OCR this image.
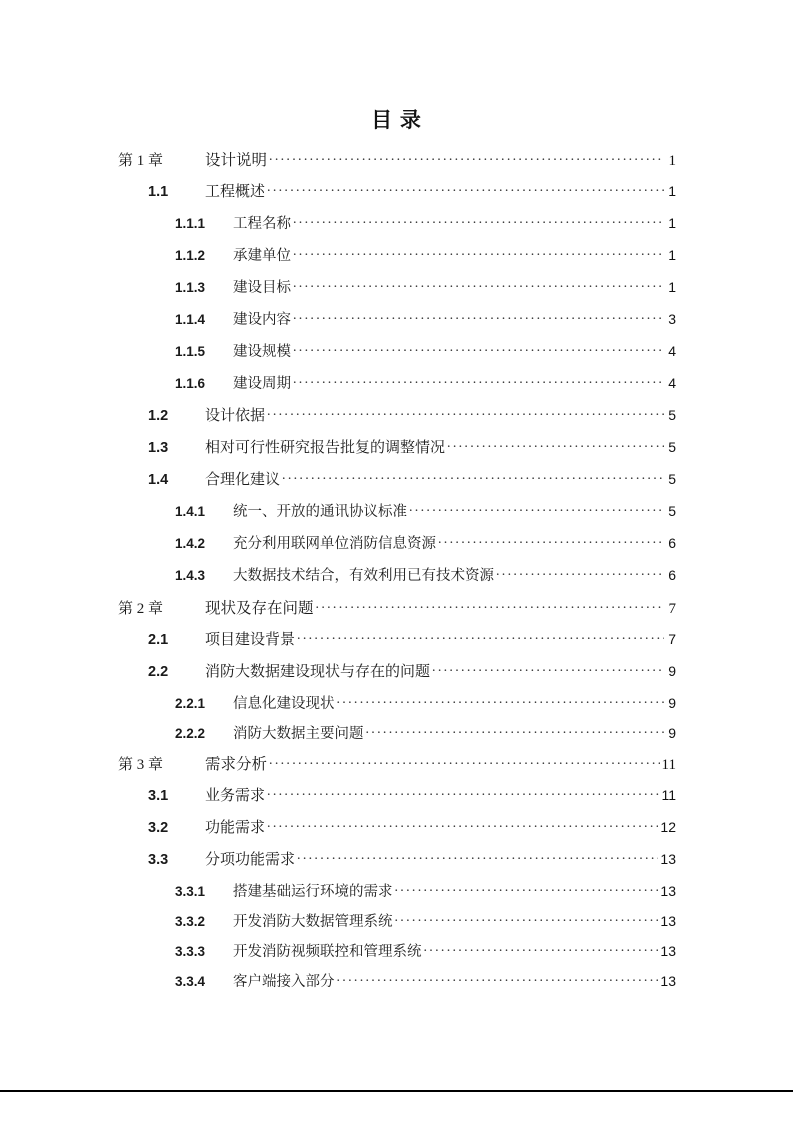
目 录
第 1 章	设计说明 . . .	1
1.1	工程概述 . . .	1
1.1.1	工程名称 . . .	1
1.1.2	承建单位 . . .	1
1.1.3	建设目标 . . .	1
1.1.4	建设内容 . . .	3
1.1.5	建设规模 . . .	4
1.1.6	建设周期 . . .	4
1.2	设计依据 . . .	5
1.3	相对可行性研究报告批复的调整情况 . . .	5
1.4	合理化建议 . . .	5
1.4.1	统一、开放的通讯协议标准 . . .	5
1.4.2	充分利用联网单位消防信息资源 . . .	6
1.4.3	大数据技术结合，有效利用已有技术资源 . . .	6
第 2 章	现状及存在问题 . . .	7
2.1	项目建设背景 . . .	7
2.2	消防大数据建设现状与存在的问题 . . .	9
2.2.1	信息化建设现状 . . .	9
2.2.2	消防大数据主要问题 . . .	9
第 3 章	需求分析 . . .	11
3.1	业务需求 . . .	11
3.2	功能需求 . . .	12
3.3	分项功能需求 . . .	13
3.3.1	搭建基础运行环境的需求 . . .	13
3.3.2	开发消防大数据管理系统 . . .	13
3.3.3	开发消防视频联控和管理系统 . . .	13
3.3.4	客户端接入部分 . . .	13
